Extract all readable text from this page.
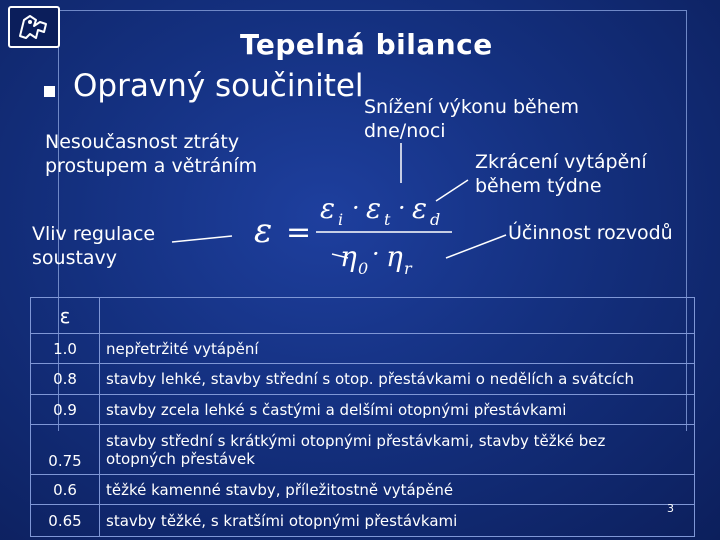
Tepelná bilance
Opravný součinitel
Nesoučasnost ztráty
prostupem a větráním
Snížení výkonu během
dne/noci
Zkrácení vytápění
během týdne
Vliv regulace
soustavy
Účinnost rozvodů
ε =
ε i · ε t · ε d
η 0
· η r
ε	
1.0	nepřetržité vytápění
0.8	stavby lehké, stavby střední s otop. přestávkami o nedělích a svátcích
0.9	stavby zcela lehké s častými a delšími otopnými přestávkami
0.75	stavby střední s krátkými otopnými přestávkami, stavby těžké bez
otopných přestávek

0.6	těžké kamenné stavby, příležitostně vytápěné
0.65	stavby těžké, s kratšími otopnými přestávkami
3
